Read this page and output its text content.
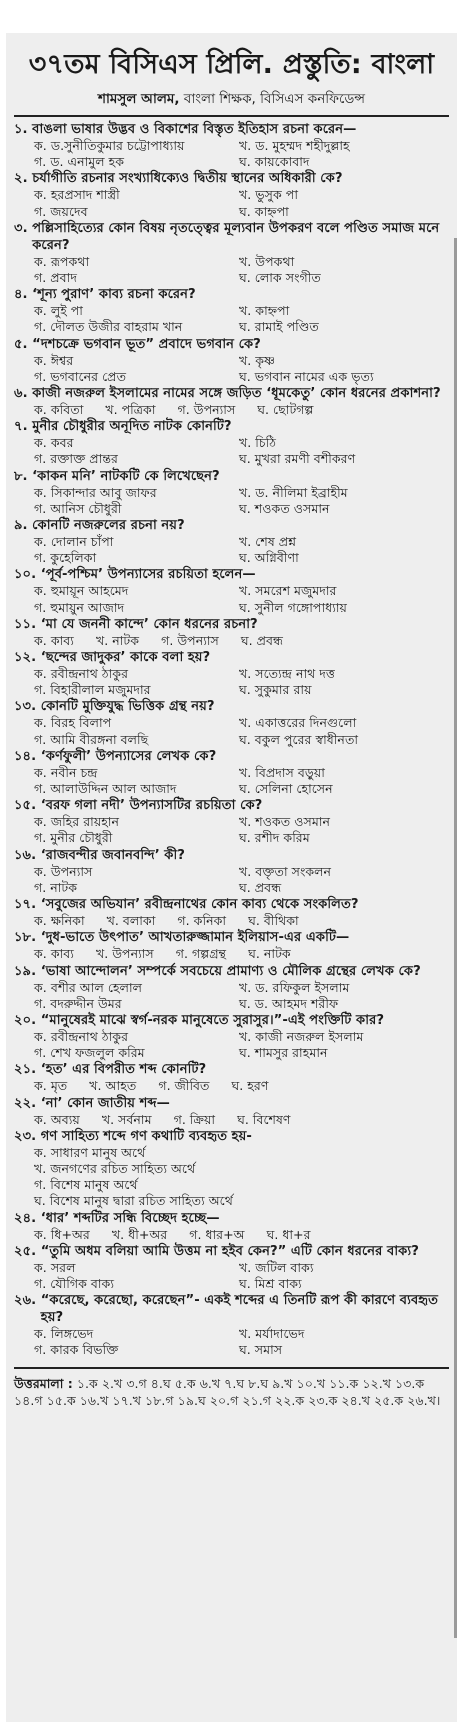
৩৭তম বিসিএস প্রিলি. প্রস্তুতি: বাংলা
শামসুল আলম, বাংলা শিক্ষক, বিসিএস কনফিডেন্স
১.
বাঙলা ভাষার উদ্ভব ও বিকাশের বিস্তৃত ইতিহাস রচনা করেন—
ক. ড.সুনীতিকুমার চট্টোপাধ্যায়	খ. ড. মুহম্মদ শহীদুল্লাহ
গ. ড. এনামুল হক	ঘ. কায়কোবাদ
২.
চর্যাগীতি রচনার সংখ্যাধিক্যেও দ্বিতীয় স্থানের অধিকারী কে?
ক. হরপ্রসাদ শাস্ত্রী	খ. ভুসুক পা
গ. জয়দেব	ঘ. কাহ্নপা
৩.
পল্লিসাহিত্যের কোন বিষয় নৃতত্ত্বের মূল্যবান উপকরণ বলে পণ্ডিত সমাজ মনে করেন?
ক. রূপকথা	খ. উপকথা
গ. প্রবাদ	ঘ. লোক সংগীত
৪.
‘শূন্য পুরাণ’ কাব্য রচনা করেন?
ক. লুই পা	খ. কাহ্নপা
গ. দৌলত উজীর বাহরাম খান	ঘ. রামাই পণ্ডিত
৫.
“দশচক্রে ভগবান ভূত” প্রবাদে ভগবান কে?
ক. ঈশ্বর	খ. কৃষ্ণ
গ. ভগবানের প্রেত	ঘ. ভগবান নামের এক ভৃত্য
৬.
কাজী নজরুল ইসলামের নামের সঙ্গে জড়িত ‘ধূমকেতু’ কোন ধরনের প্রকাশনা?
ক. কবিতা খ. পত্রিকা গ. উপন্যাস ঘ. ছোটগল্প
৭.
মুনীর চৌধুরীর অনূদিত নাটক কোনটি?
ক. কবর	খ. চিঠি
গ. রক্তাক্ত প্রান্তর	ঘ. মুখরা রমণী বশীকরণ
৮.
‘কাকন মনি’ নাটকটি কে লিখেছেন?
ক. সিকান্দার আবু জাফর	খ. ড. নীলিমা ইব্রাহীম
গ. আনিস চৌধুরী	ঘ. শওকত ওসমান
৯.
কোনটি নজরুলের রচনা নয়?
ক. দোলান চাঁপা	খ. শেষ প্রশ্ন
গ. কুহেলিকা	ঘ. অগ্নিবীণা
১০.
‘পূর্ব-পশ্চিম’ উপন্যাসের রচয়িতা হলেন—
ক. হুমায়ূন আহমেদ	খ. সমরেশ মজুমদার
গ. হুমায়ুন আজাদ	ঘ. সুনীল গঙ্গোপাধ্যায়
১১.
‘মা যে জননী কান্দে’ কোন ধরনের রচনা?
ক. কাব্য খ. নাটক গ. উপন্যাস ঘ. প্রবন্ধ
১২.
‘ছন্দের জাদুকর’ কাকে বলা হয়?
ক. রবীন্দ্রনাথ ঠাকুর	খ. সত্যেন্দ্র নাথ দত্ত
গ. বিহারীলাল মজুমদার	ঘ. সুকুমার রায়
১৩.
কোনটি মুক্তিযুদ্ধ ভিত্তিক গ্রন্থ নয়?
ক. বিরহ বিলাপ	খ. একাত্তরের দিনগুলো
গ. আমি বীরঙ্গনা বলছি	ঘ. বকুল পুরের স্বাধীনতা
১৪.
‘কর্ণফুলী’ উপন্যাসের লেখক কে?
ক. নবীন চন্দ্র	খ. বিপ্রদাস বড়ুয়া
গ. আলাউদ্দিন আল আজাদ	ঘ. সেলিনা হোসেন
১৫.
‘বরফ গলা নদী’ উপন্যাসটির রচয়িতা কে?
ক. জহির রায়হান	খ. শওকত ওসমান
গ. মুনীর চৌধুরী	ঘ. রশীদ করিম
১৬.
‘রাজবন্দীর জবানবন্দি’ কী?
ক. উপন্যাস	খ. বক্তৃতা সংকলন
গ. নাটক	ঘ. প্রবন্ধ
১৭.
‘সবুজের অভিযান’ রবীন্দ্রনাথের কোন কাব্য থেকে সংকলিত?
ক. ক্ষনিকা খ. বলাকা গ. কনিকা ঘ. বীথিকা
১৮.
‘দুধ-ভাতে উৎপাত’ আখতারুজ্জামান ইলিয়াস-এর একটি—
ক. কাব্য খ. উপন্যাস গ. গল্পগ্রন্থ ঘ. নাটক
১৯.
‘ভাষা আন্দোলন’ সম্পর্কে সবচেয়ে প্রামাণ্য ও মৌলিক গ্রন্থের লেখক কে?
ক. বশীর আল হেলাল	খ. ড. রফিকুল ইসলাম
গ. বদরুদ্দীন উমর	ঘ. ড. আহমদ শরীফ
২০.
“মানুষেরই মাঝে স্বর্গ-নরক মানুষেতে সুরাসুর।”-এই পংক্তিটি কার?
ক. রবীন্দ্রনাথ ঠাকুর	খ. কাজী নজরুল ইসলাম
গ. শেখ ফজলুল করিম	ঘ. শামসুর রাহমান
২১.
‘হত’ এর বিপরীত শব্দ কোনটি?
ক. মৃত খ. আহত গ. জীবিত ঘ. হরণ
২২.
‘না’ কোন জাতীয় শব্দ—
ক. অব্যয় খ. সর্বনাম গ. ক্রিয়া ঘ. বিশেষণ
২৩.
গণ সাহিত্য শব্দে গণ কথাটি ব্যবহৃত হয়-
ক. সাধারণ মানুষ অর্থে
খ. জনগণের রচিত সাহিত্য অর্থে
গ. বিশেষ মানুষ অর্থে
ঘ. বিশেষ মানুষ দ্বারা রচিত সাহিত্য অর্থে
২৪.
‘ধার’ শব্দটির সন্ধি বিচ্ছেদ হচ্ছে—
ক. ধি+অর খ. ধী+অর গ. ধার+অ ঘ. ধা+র
২৫.
“তুমি অধম বলিয়া আমি উত্তম না হইব কেন?” এটি কোন ধরনের বাক্য?
ক. সরল	খ. জটিল বাক্য
গ. যৌগিক বাক্য	ঘ. মিশ্র বাক্য
২৬.
“করেছে, করেছো, করেছেন”- একই শব্দের এ তিনটি রূপ কী কারণে ব্যবহৃত হয়?
ক. লিঙ্গভেদ	খ. মর্যাদাভেদ
গ. কারক বিভক্তি	ঘ. সমাস
উত্তরমালা : ১.ক ২.খ ৩.গ ৪.ঘ ৫.ক ৬.খ ৭.ঘ ৮.ঘ ৯.খ ১০.খ ১১.ক ১২.খ ১৩.ক ১৪.গ ১৫.ক ১৬.খ ১৭.খ ১৮.গ ১৯.ঘ ২০.গ ২১.গ ২২.ক ২৩.ক ২৪.খ ২৫.ক ২৬.খ।
